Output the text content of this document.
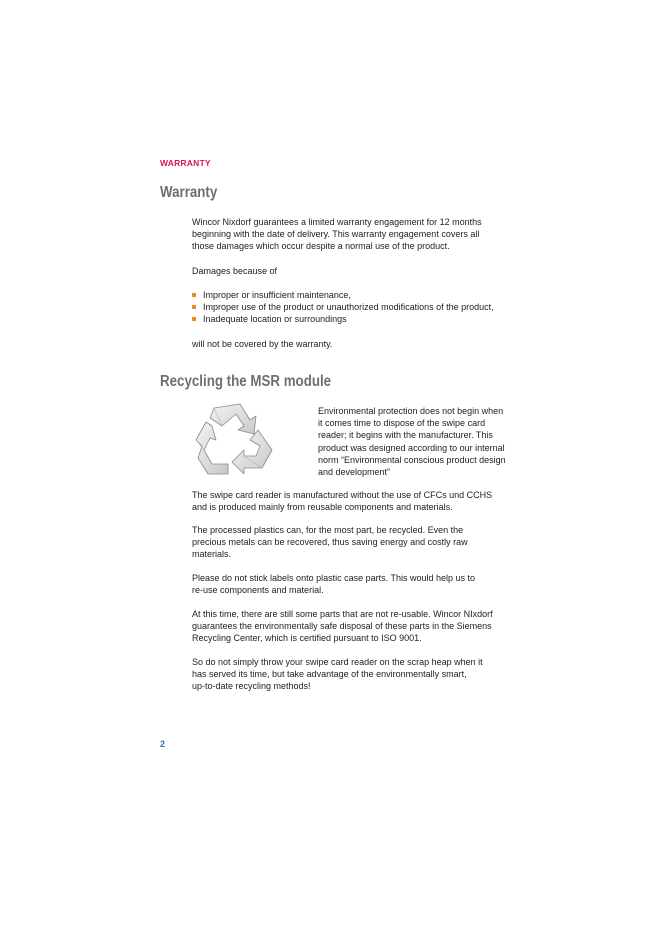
WARRANTY
Warranty
Wincor Nixdorf guarantees a limited warranty engagement for 12 months
beginning with the date of delivery. This warranty engagement covers all
those damages which occur despite a normal use of the product.
Damages because of
Improper or insufficient maintenance,
Improper use of the product or unauthorized modifications of the product,
Inadequate location or surroundings
will not be covered by the warranty.
Recycling the MSR module
Environmental protection does not begin when
it comes time to dispose of the swipe card
reader; it begins with the manufacturer. This
product was designed according to our internal
norm “Environmental conscious product design
and development”
The swipe card reader is manufactured without the use of CFCs und CCHS
and is produced mainly from reusable components and materials.
The processed plastics can, for the most part, be recycled. Even the
precious metals can be recovered, thus saving energy and costly raw
materials.
Please do not stick labels onto plastic case parts. This would help us to
re-use components and material.
At this time, there are still some parts that are not re-usable. Wincor NIxdorf
guarantees the environmentally safe disposal of these parts in the Siemens
Recycling Center, which is certified pursuant to ISO 9001.
So do not simply throw your swipe card reader on the scrap heap when it
has served its time, but take advantage of the environmentally smart,
up-to-date recycling methods!
2
